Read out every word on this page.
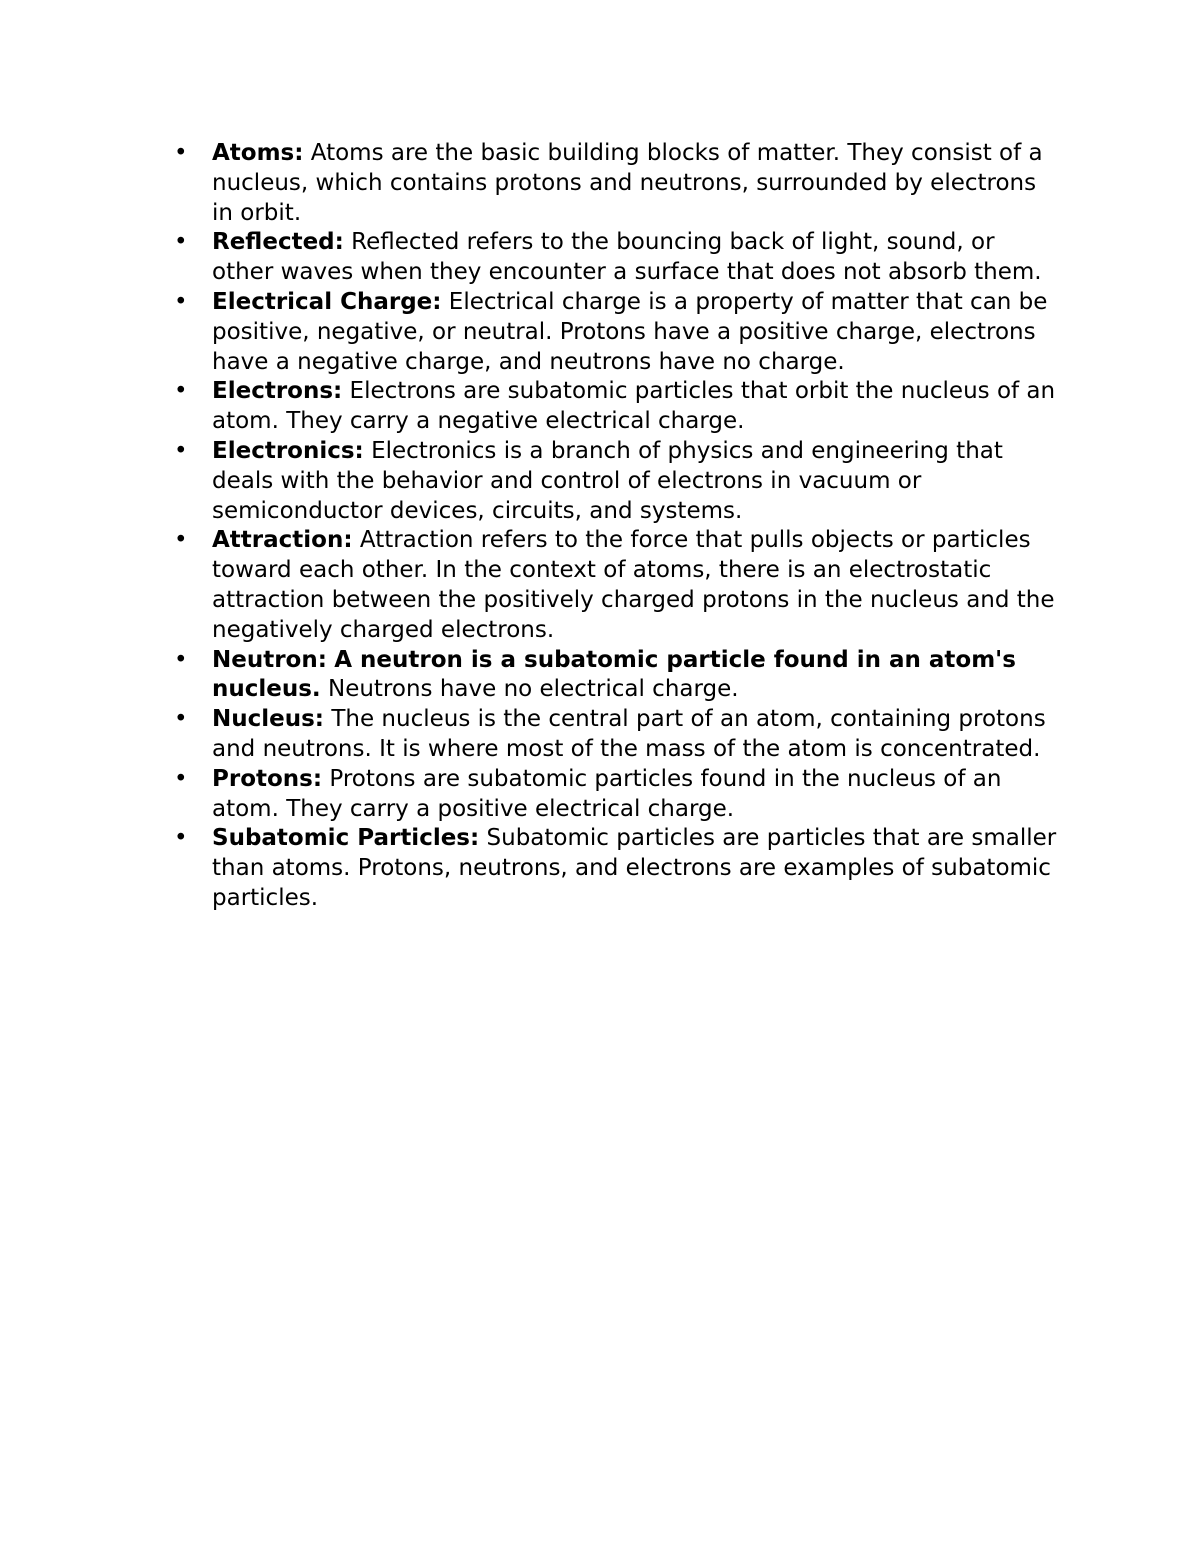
• Atoms: Atoms are the basic building blocks of matter. They consist of a nucleus, which contains protons and neutrons, surrounded by electrons in orbit.
• Reflected: Reflected refers to the bouncing back of light, sound, or other waves when they encounter a surface that does not absorb them.
• Electrical Charge: Electrical charge is a property of matter that can be positive, negative, or neutral. Protons have a positive charge, electrons have a negative charge, and neutrons have no charge.
• Electrons: Electrons are subatomic particles that orbit the nucleus of an atom. They carry a negative electrical charge.
• Electronics: Electronics is a branch of physics and engineering that deals with the behavior and control of electrons in vacuum or semiconductor devices, circuits, and systems.
• Attraction: Attraction refers to the force that pulls objects or particles toward each other. In the context of atoms, there is an electrostatic attraction between the positively charged protons in the nucleus and the negatively charged electrons.
• Neutron: A neutron is a subatomic particle found in an atom's nucleus. Neutrons have no electrical charge.
• Nucleus: The nucleus is the central part of an atom, containing protons and neutrons. It is where most of the mass of the atom is concentrated.
• Protons: Protons are subatomic particles found in the nucleus of an atom. They carry a positive electrical charge.
• Subatomic Particles: Subatomic particles are particles that are smaller than atoms. Protons, neutrons, and electrons are examples of subatomic particles.
